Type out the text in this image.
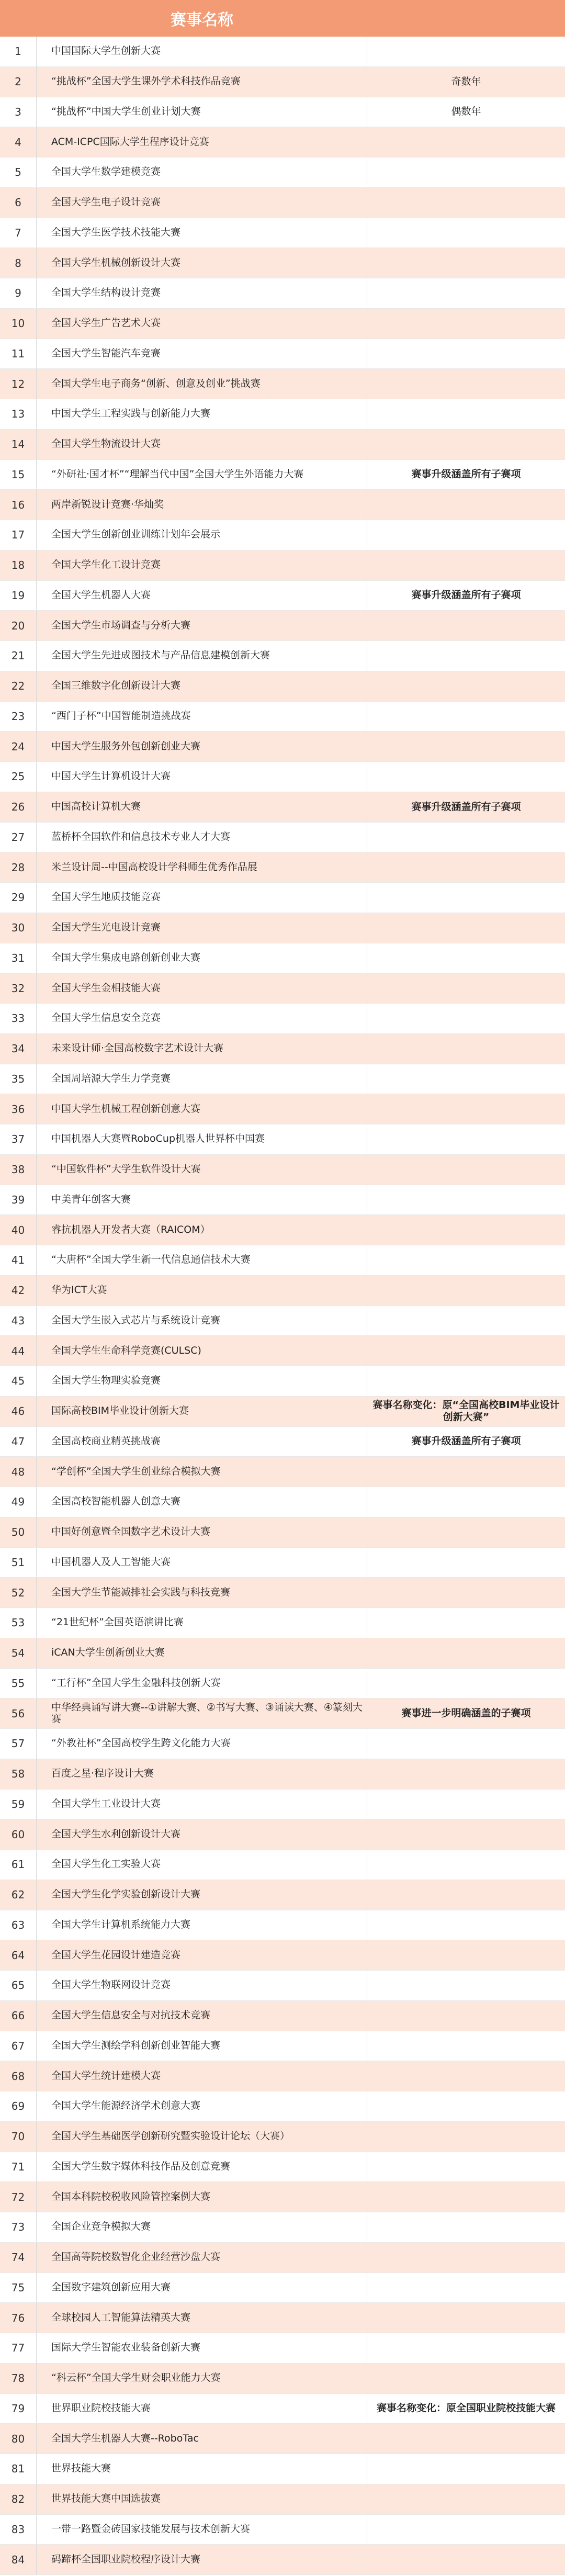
赛事名称
1	中国国际大学生创新大赛
2	“挑战杯”全国大学生课外学术科技作品竞赛	奇数年
3	“挑战杯”中国大学生创业计划大赛	偶数年
4	ACM-ICPC国际大学生程序设计竞赛
5	全国大学生数学建模竞赛
6	全国大学生电子设计竞赛
7	全国大学生医学技术技能大赛
8	全国大学生机械创新设计大赛
9	全国大学生结构设计竞赛
10	全国大学生广告艺术大赛
11	全国大学生智能汽车竞赛
12	全国大学生电子商务“创新、创意及创业”挑战赛
13	中国大学生工程实践与创新能力大赛
14	全国大学生物流设计大赛
15	“外研社·国才杯”“理解当代中国”全国大学生外语能力大赛	赛事升级涵盖所有子赛项
16	两岸新锐设计竞赛·华灿奖
17	全国大学生创新创业训练计划年会展示
18	全国大学生化工设计竞赛
19	全国大学生机器人大赛	赛事升级涵盖所有子赛项
20	全国大学生市场调查与分析大赛
21	全国大学生先进成图技术与产品信息建模创新大赛
22	全国三维数字化创新设计大赛
23	“西门子杯”中国智能制造挑战赛
24	中国大学生服务外包创新创业大赛
25	中国大学生计算机设计大赛
26	中国高校计算机大赛	赛事升级涵盖所有子赛项
27	蓝桥杯全国软件和信息技术专业人才大赛
28	米兰设计周--中国高校设计学科师生优秀作品展
29	全国大学生地质技能竞赛
30	全国大学生光电设计竞赛
31	全国大学生集成电路创新创业大赛
32	全国大学生金相技能大赛
33	全国大学生信息安全竞赛
34	未来设计师·全国高校数字艺术设计大赛
35	全国周培源大学生力学竞赛
36	中国大学生机械工程创新创意大赛
37	中国机器人大赛暨RoboCup机器人世界杯中国赛
38	“中国软件杯”大学生软件设计大赛
39	中美青年创客大赛
40	睿抗机器人开发者大赛（RAICOM）
41	“大唐杯”全国大学生新一代信息通信技术大赛
42	华为ICT大赛
43	全国大学生嵌入式芯片与系统设计竞赛
44	全国大学生生命科学竞赛(CULSC)
45	全国大学生物理实验竞赛
46	国际高校BIM毕业设计创新大赛	赛事名称变化：原“全国高校BIM毕业设计创新大赛”
47	全国高校商业精英挑战赛	赛事升级涵盖所有子赛项
48	“学创杯”全国大学生创业综合模拟大赛
49	全国高校智能机器人创意大赛
50	中国好创意暨全国数字艺术设计大赛
51	中国机器人及人工智能大赛
52	全国大学生节能减排社会实践与科技竞赛
53	“21世纪杯”全国英语演讲比赛
54	iCAN大学生创新创业大赛
55	“工行杯”全国大学生金融科技创新大赛
56	中华经典诵写讲大赛--①讲解大赛、②书写大赛、③诵读大赛、④篆刻大赛	赛事进一步明确涵盖的子赛项
57	“外教社杯”全国高校学生跨文化能力大赛
58	百度之星·程序设计大赛
59	全国大学生工业设计大赛
60	全国大学生水利创新设计大赛
61	全国大学生化工实验大赛
62	全国大学生化学实验创新设计大赛
63	全国大学生计算机系统能力大赛
64	全国大学生花园设计建造竞赛
65	全国大学生物联网设计竞赛
66	全国大学生信息安全与对抗技术竞赛
67	全国大学生测绘学科创新创业智能大赛
68	全国大学生统计建模大赛
69	全国大学生能源经济学术创意大赛
70	全国大学生基础医学创新研究暨实验设计论坛（大赛）
71	全国大学生数字媒体科技作品及创意竞赛
72	全国本科院校税收风险管控案例大赛
73	全国企业竞争模拟大赛
74	全国高等院校数智化企业经营沙盘大赛
75	全国数字建筑创新应用大赛
76	全球校园人工智能算法精英大赛
77	国际大学生智能农业装备创新大赛
78	“科云杯”全国大学生财会职业能力大赛
79	世界职业院校技能大赛	赛事名称变化：原全国职业院校技能大赛
80	全国大学生机器人大赛--RoboTac
81	世界技能大赛
82	世界技能大赛中国选拔赛
83	一带一路暨金砖国家技能发展与技术创新大赛
84	码蹄杯全国职业院校程序设计大赛
